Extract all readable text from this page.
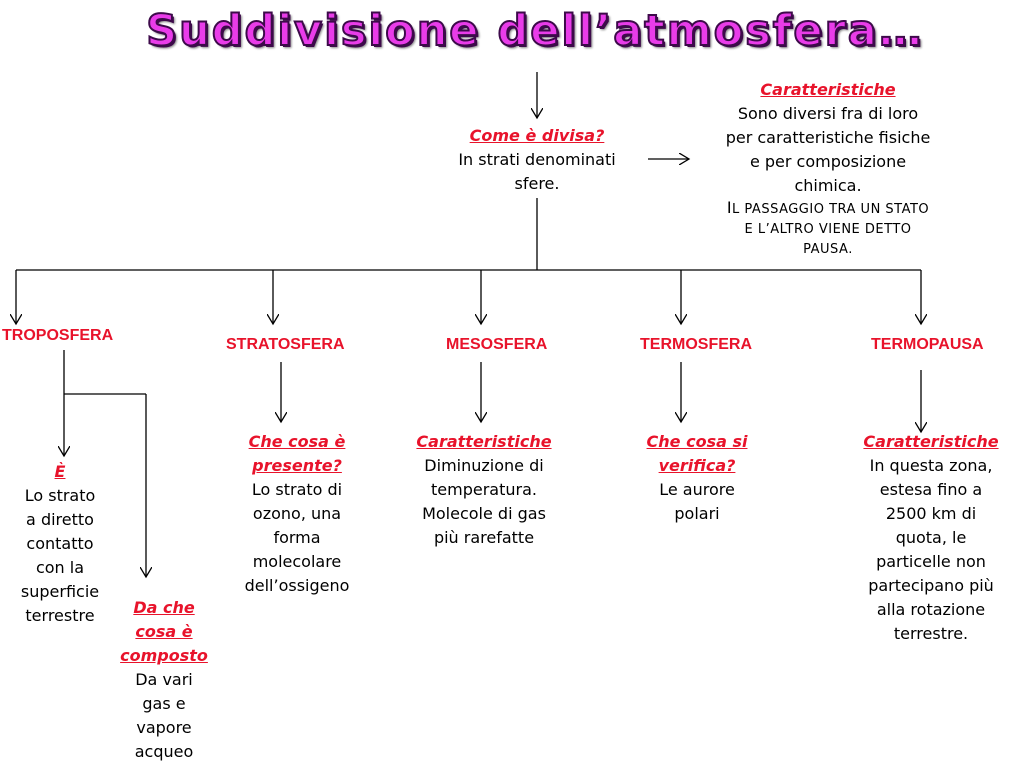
Suddivisione dell’atmosfera…
Come è divisa?
In strati denominati
sfere.
Caratteristiche
Sono diversi fra di loro
per caratteristiche fisiche
e per composizione
chimica.
IL PASSAGGIO TRA UN STATO
E L’ALTRO VIENE DETTO
PAUSA.
TROPOSFERA
STRATOSFERA	MESOSFERA	TERMOSFERA	TERMOPAUSA
È
Lo strato
a diretto
contatto
con la
superficie
terrestre	Da che
cosa è
composto
Da vari
gas e
vapore
acqueo
Che cosa è
presente?
Lo strato di
ozono, una
forma
molecolare
dell’ossigeno
Caratteristiche
Diminuzione di
temperatura.
Molecole di gas
più rarefatte
Che cosa si
verifica?
Le aurore
polari
Caratteristiche
In questa zona,
estesa fino a
2500 km di
quota, le
particelle non
partecipano più
alla rotazione
terrestre.
